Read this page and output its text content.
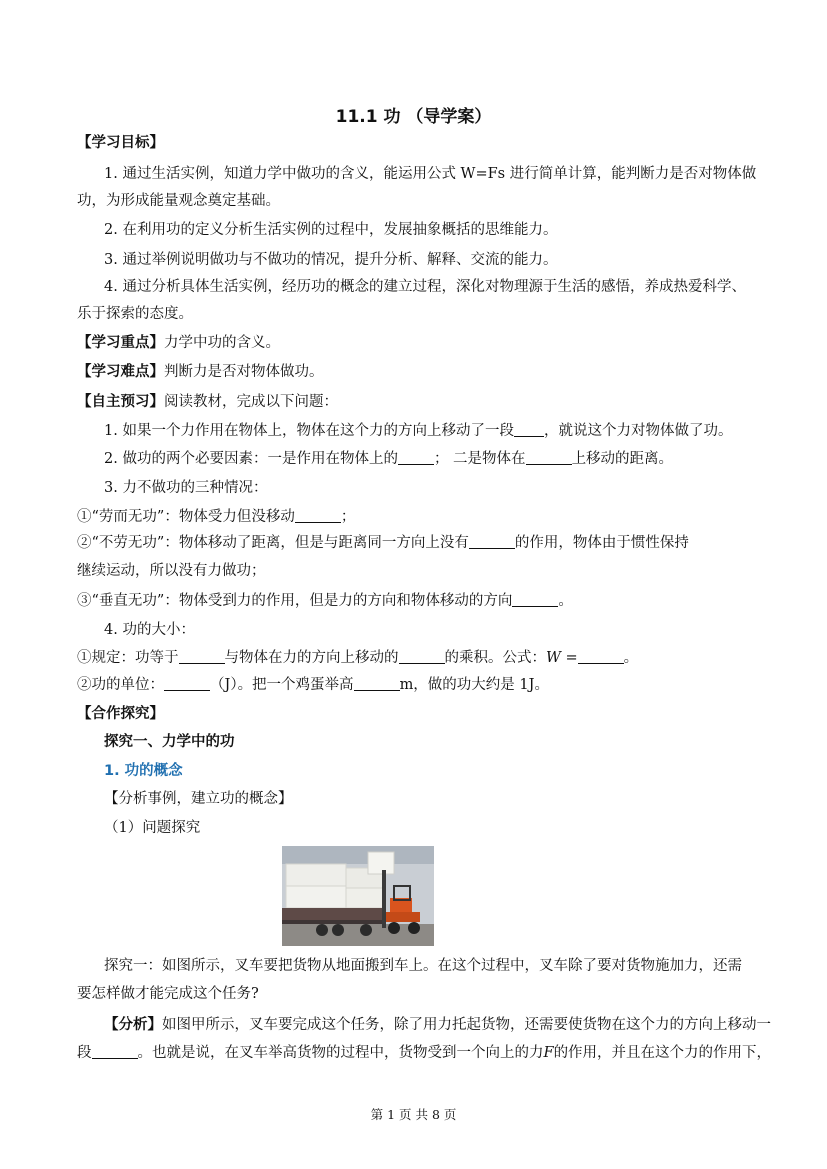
11.1 功 （导学案）
【学习目标】
1. 通过生活实例，知道力学中做功的含义，能运用公式 W=Fs 进行简单计算，能判断力是否对物体做
功，为形成能量观念奠定基础。
2. 在利用功的定义分析生活实例的过程中，发展抽象概括的思维能力。
3. 通过举例说明做功与不做功的情况，提升分析、解释、交流的能力。
4. 通过分析具体生活实例，经历功的概念的建立过程，深化对物理源于生活的感悟，养成热爱科学、
乐于探索的态度。
【学习重点】力学中功的含义。
【学习难点】判断力是否对物体做功。
【自主预习】阅读教材，完成以下问题：
1. 如果一个力作用在物体上，物体在这个力的方向上移动了一段 ，就说这个力对物体做了功。
2. 做功的两个必要因素：一是作用在物体上的 ； 二是物体在	上移动的距离。
3. 力不做功的三种情况：
①“劳而无功”：物体受力但没移动	；
②“不劳无功”：物体移动了距离，但是与距离同一方向上没有	的作用，物体由于惯性保持
继续运动，所以没有力做功；
③“垂直无功”：物体受到力的作用，但是力的方向和物体移动的方向	。
4. 功的大小：
①规定：功等于	与物体在力的方向上移动的	的乘积。公式：W =	。
②功的单位：	（J）。把一个鸡蛋举高	m，做的功大约是 1J。
【合作探究】
探究一、力学中的功
1. 功的概念
【分析事例，建立功的概念】
（1）问题探究
探究一：如图所示，叉车要把货物从地面搬到车上。在这个过程中，叉车除了要对货物施加力，还需
要怎样做才能完成这个任务?
【分析】如图甲所示，叉车要完成这个任务，除了用力托起货物，还需要使货物在这个力的方向上移动一
段	。也就是说，在叉车举高货物的过程中，货物受到一个向上的力F的作用，并且在这个力的作用下，
第 1 页 共 8 页
